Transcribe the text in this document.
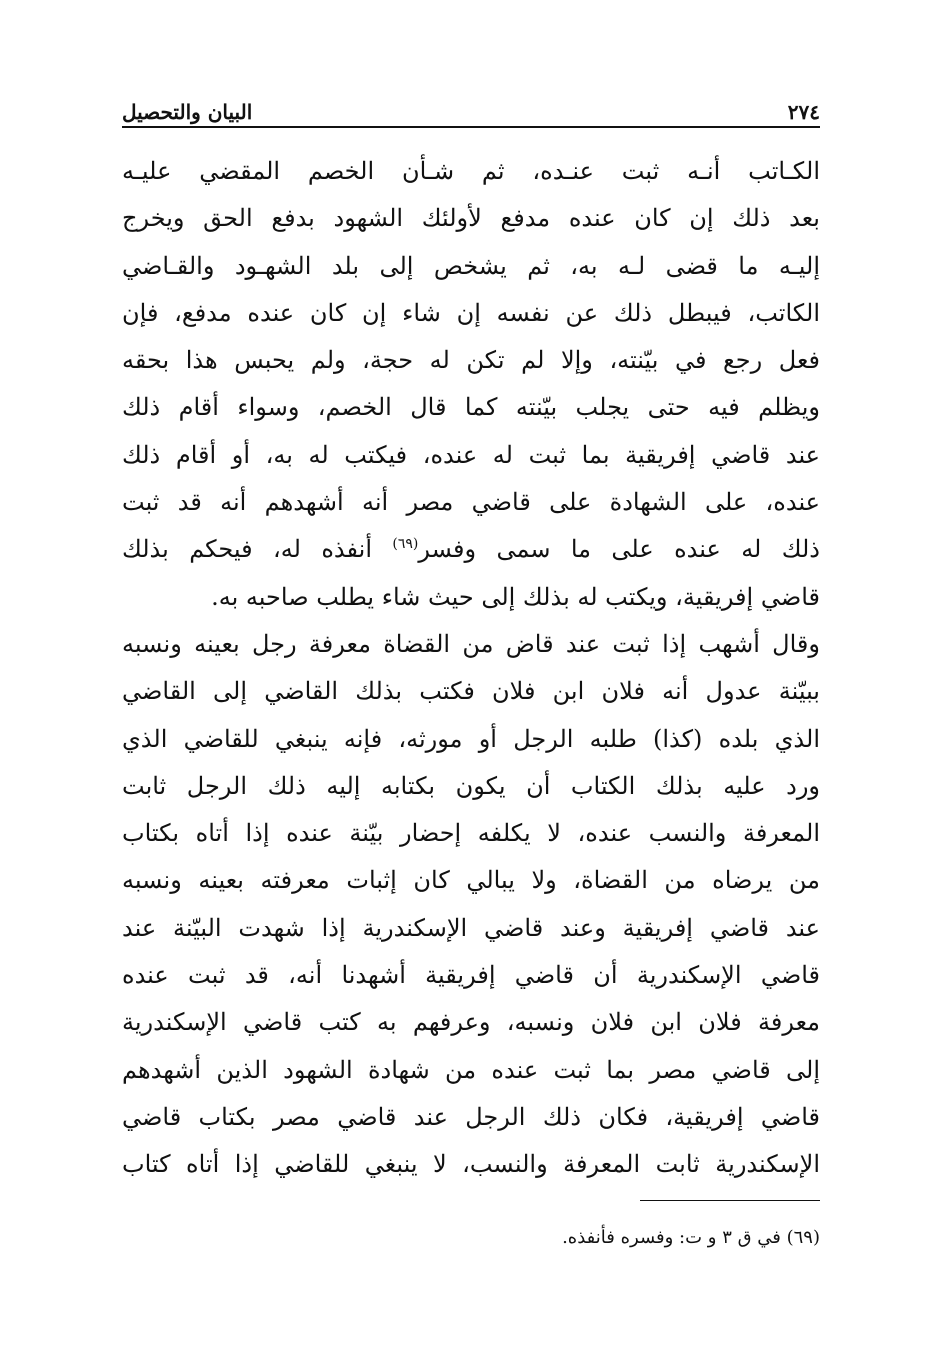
٢٧٤
البيان والتحصيل
الكـاتب أنـه ثبت عنـده، ثم شـأن الخصم المقضي عليـه
بعد ذلك إن كان عنده مدفع لأولئك الشهود بدفع الحق ويخرج
إليـه ما قضى لـه به، ثم يشخص إلى بلد الشهـود والقـاضي
الكاتب، فيبطل ذلك عن نفسه إن شاء إن كان عنده مدفع، فإن
فعل رجع في بيّنته، وإلا لم تكن له حجة، ولم يحبس هذا بحقه
ويظلم فيه حتى يجلب بيّنته كما قال الخصم، وسواء أقام ذلك
عند قاضي إفريقية بما ثبت له عنده، فيكتب له به، أو أقام ذلك
عنده، على الشهادة على قاضي مصر أنه أشهدهم أنه قد ثبت
ذلك له عنده على ما سمى وفسر$^{(٦٩)}$ أنفذه له، فيحكم بذلك
قاضي إفريقية، ويكتب له بذلك إلى حيث شاء يطلب صاحبه به.
وقال أشهب إذا ثبت عند قاض من القضاة معرفة رجل بعينه ونسبه
ببيّنة عدول أنه فلان ابن فلان فكتب بذلك القاضي إلى القاضي
الذي بلده (كذا) طلبه الرجل أو مورثه، فإنه ينبغي للقاضي الذي
ورد عليه بذلك الكتاب أن يكون بكتابه إليه ذلك الرجل ثابت
المعرفة والنسب عنده، لا يكلفه إحضار بيّنة عنده إذا أتاه بكتاب
من يرضاه من القضاة، ولا يبالي كان إثبات معرفته بعينه ونسبه
عند قاضي إفريقية وعند قاضي الإسكندرية إذا شهدت البيّنة عند
قاضي الإسكندرية أن قاضي إفريقية أشهدنا أنه، قد ثبت عنده
معرفة فلان ابن فلان ونسبه، وعرفهم به كتب قاضي الإسكندرية
إلى قاضي مصر بما ثبت عنده من شهادة الشهود الذين أشهدهم
قاضي إفريقية، فكان ذلك الرجل عند قاضي مصر بكتاب قاضي
الإسكندرية ثابت المعرفة والنسب، لا ينبغي للقاضي إذا أتاه كتاب
(٦٩) في ق ٣ و ت: وفسره فأنفذه.
